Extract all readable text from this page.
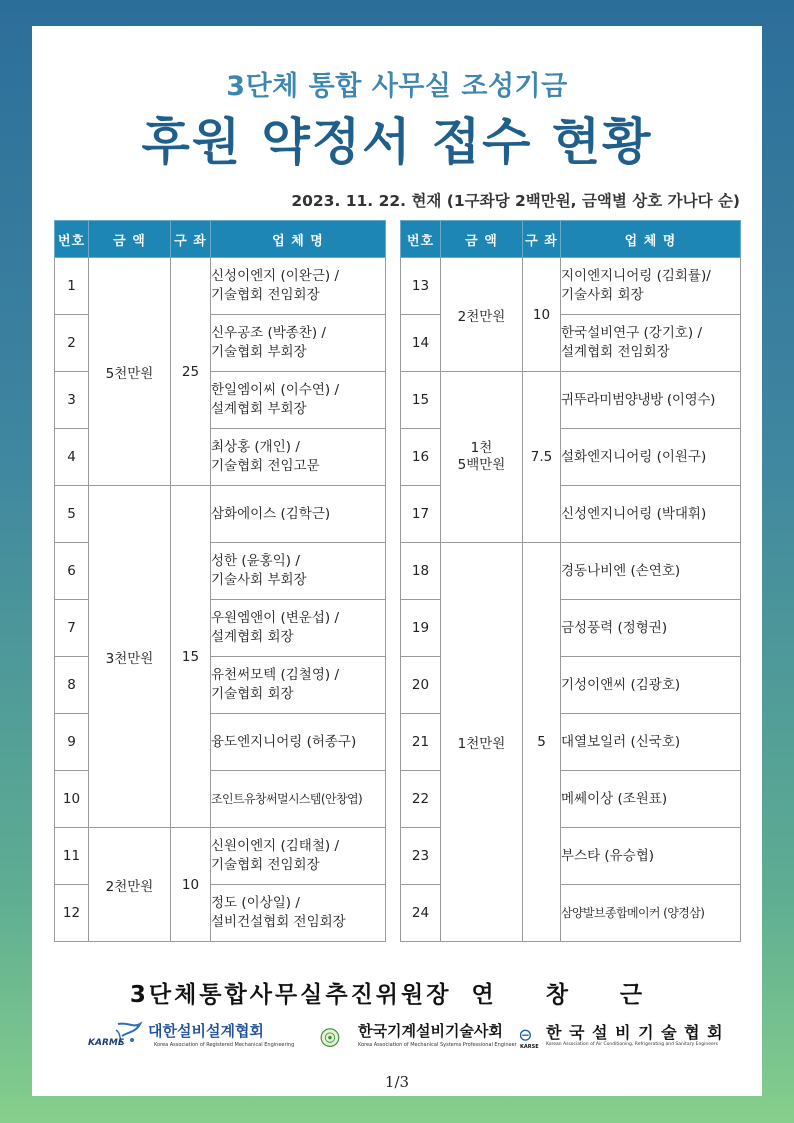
3단체 통합 사무실 조성기금
후원 약정서 접수 현황
2023. 11. 22. 현재 (1구좌당 2백만원, 금액별 상호 가나다 순)
번호	금 액	구 좌	업 체 명
1	5천만원	25	신성이엔지 (이완근) /
기술협회 전임회장

2			신우공조 (박종찬) /
기술협회 부회장

3			한일엠이씨 (이수연) /
설계협회 부회장

4			최상홍 (개인) /
기술협회 전임고문

5	3천만원	15	삼화에이스 (김학근)

6			성한 (윤홍익) /
기술사회 부회장

7			우원엠앤이 (변운섭) /
설계협회 회장

8			유천써모텍 (김철영) /
기술협회 회장

9			융도엔지니어링 (허종구)

10			조인트유창써멀시스템(안창엽)

11	2천만원	10	신원이엔지 (김태철) /
기술협회 전임회장

12			정도 (이상일) /
설비건설협회 전임회장
번호	금 액	구 좌	업 체 명
13	2천만원	10	지이엔지니어링 (김회률)/
기술사회 회장

14			한국설비연구 (강기호) /
설계협회 전임회장

15	1천
5백만원	7.5	귀뚜라미범양냉방 (이영수)

16			설화엔지니어링 (이원구)

17			신성엔지니어링 (박대휘)

18	1천만원	5	경동나비엔 (손연호)

19			금성풍력 (정형권)

20			기성이앤씨 (김광호)

21			대열보일러 (신국호)

22			메쎄이상 (조원표)

23			부스타 (유승협)

24			삼양발브종합메이커 (양경삼)
3단체통합사무실추진위원장 연 창 근
KARME
대한설비설계협회
Korea Association of Registered Mechanical Engineering
한국기계설비기술사회
Korea Association of Mechanical Systems Professional Engineer KARSE
한 국 설 비 기 술 협 회
Korean Association of Air Conditioning, Refrigerating and Sanitary Engineers
1/3
